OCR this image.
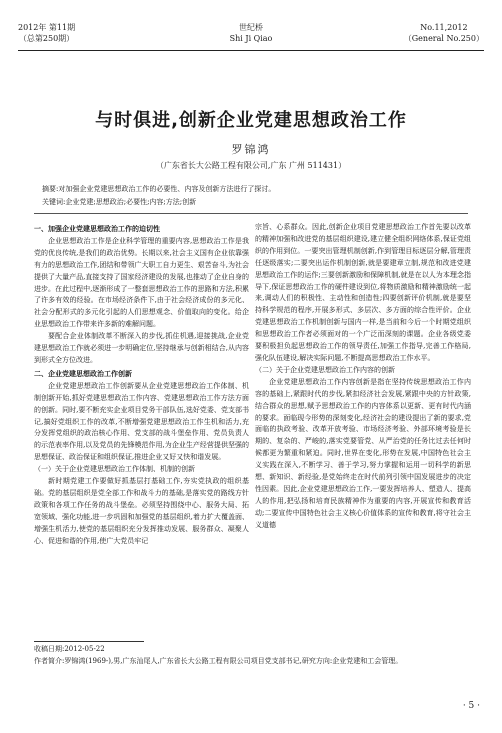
2012年 第11期
（总第250期）
世纪桥
Shi Ji Qiao
No.11,2012
（General No.250）
与时俱进,创新企业党建思想政治工作
罗锦鸿
（广东省长大公路工程有限公司,广东 广州 511431）
摘要:对加强企业党建思想政治工作的必要性、内容及创新方法进行了探讨。
关键词:企业党建;思想政治;必要性;内容;方法;创新

一、加强企业党建思想政治工作的迫切性

企业思想政治工作是企业科学管理的重要内容,思想政治工作是我党的优良传统,是我们的政治优势。长期以来,社会主义国有企业依靠强有力的思想政治工作,团结和带领广大职工自力更生、艰苦奋斗,为社会提供了大量产品,直接支持了国家经济建设的发展,也推动了企业自身的进步。在此过程中,逐渐形成了一整套思想政治工作的思路和方法,积累了许多有效的经验。在市场经济条件下,由于社会经济成份的多元化、社会分配形式的多元化引起的人们思想观念、价值取向的变化。给企业思想政治工作带来许多新的难解问题。

要配合企业体制改革不断深入的步伐,抓住机遇,迎接挑战,企业党建思想政治工作就必须进一步明确定位,坚持继承与创新相结合,从内容到形式全方位改进。

二、企业党建思想政治工作创新

企业党建思想政治工作创新要从企业党建思想政治工作体制、机制创新开始,抓好党建思想政治工作内容、党建思想政治工作方法方面的创新。同时,要不断充实企业项目党务干部队伍,选好党委、党支部书记,搞好党组织工作的改革,不断增强党建思想政治工作生机和活力,充分发挥党组织的政治核心作用、党支部的战斗堡垒作用、党员负责人的示范表率作用,以及党员的先锋模范作用,为企业生产经营提供坚强的思想保证、政治保证和组织保证,推进企业又好又快和谐发展。

（一）关于企业党建思想政治工作体制、机制的创新

新时期党建工作要做好抓基层打基础工作,夯实党执政的组织基础。党的基层组织是党全部工作和战斗力的基础,是落实党的路线方针政策和各项工作任务的战斗堡垒。必须坚持围绕中心、服务大局、拓宽领域、强化功能,进一步巩固和加强党的基层组织,着力扩大覆盖面、增强生机活力,使党的基层组织充分发挥推动发展、服务群众、凝聚人心、促进和谐的作用,使广大党员牢记

宗旨、心系群众。因此,创新企业项目党建思想政治工作首先要以改革的精神加强和改进党的基层组织建设,建立健全组织网络体系,保证党组织的作用到位。一要突出管理机制创新,作到管理目标逐层分解,管理责任逐级落实;二要突出运作机制创新,就是要建章立制,规范和改进党建思想政治工作的运作;三要创新激励和保障机制,就是在以人为本理念指导下,保证思想政治工作的硬件建设到位,将物质激励和精神激励统一起来,调动人们的积极性、主动性和创造性;四要创新评价机制,就是要坚持科学规范的程序,开展多形式、多层次、多方面的综合性评价。企业党建思想政治工作机制创新与国内一样,是当前和今后一个时期党组织和思想政治工作者必须面对的一个广泛而深刻的课题。企业各级党委要积极担负起思想政治工作的领导责任,加强工作指导,完善工作格局,强化队伍建设,解决实际问题,不断提高思想政治工作水平。

（二）关于企业党建思想政治工作内容的创新

企业党建思想政治工作内容创新是指在坚持传统思想政治工作内容的基础上,紧跟时代的步伐,紧扣经济社会发展,紧跟中央的方针政策,结合群众的思想,赋予思想政治工作的内容体系以更新、更有时代内涵的要求。面临现今形势的深刻变化,经济社会的建设提出了新的要求,党面临的执政考验、改革开放考验、市场经济考验、外部环境考验是长期的、复杂的、严峻的,落实党要管党、从严治党的任务比过去任何时候都更为繁重和紧迫。同时,世界在变化,形势在发展,中国特色社会主义实践在深入,不断学习、善于学习,努力掌握和运用一切科学的新思想、新知识、新经验,是党始终走在时代前列引领中国发展进步的决定性因素。因此,企业党建思想政治工作,一要发挥培养人、塑造人、提高人的作用,把弘扬和培育民族精神作为重要的内容,开展宣传和教育活动;二要宣传中国特色社会主义核心价值体系的宣传和教育,将守社会主义道德

收稿日期:2012-05-22
作者简介:罗锦鸿(1969-),男,广东汕尾人,广东省长大公路工程有限公司项目党支部书记,研究方向:企业党建和工会管理。
· 5 ·
